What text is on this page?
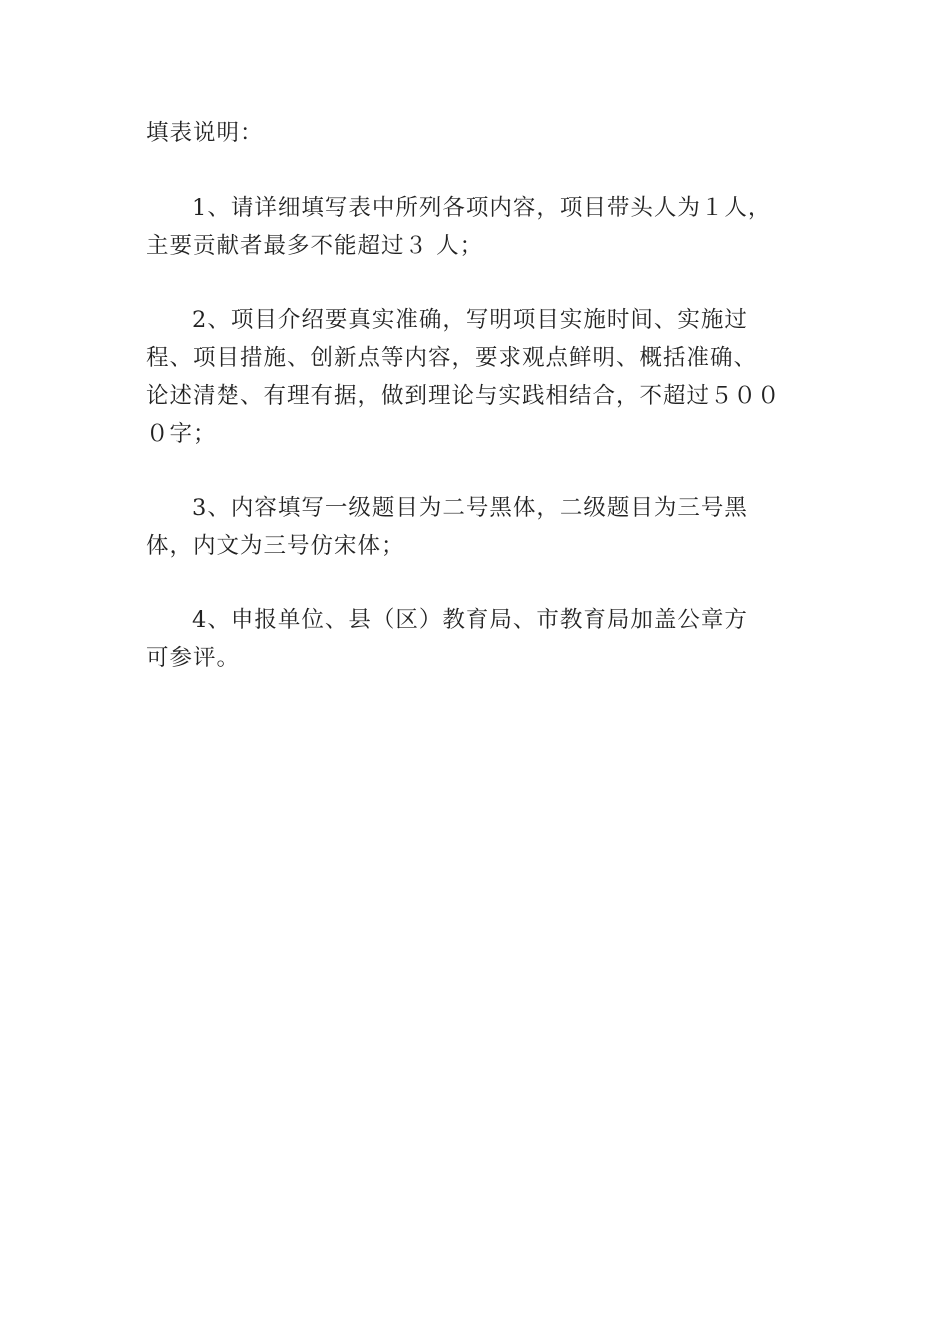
填表说明：
1、请详细填写表中所列各项内容，项目带头人为１人，
主要贡献者最多不能超过３ 人；
2、项目介绍要真实准确，写明项目实施时间、实施过
程、项目措施、创新点等内容，要求观点鲜明、概括准确、
论述清楚、有理有据，做到理论与实践相结合，不超过５００
０字；
3、内容填写一级题目为二号黑体，二级题目为三号黑
体，内文为三号仿宋体；
4、申报单位、县（区）教育局、市教育局加盖公章方
可参评。
